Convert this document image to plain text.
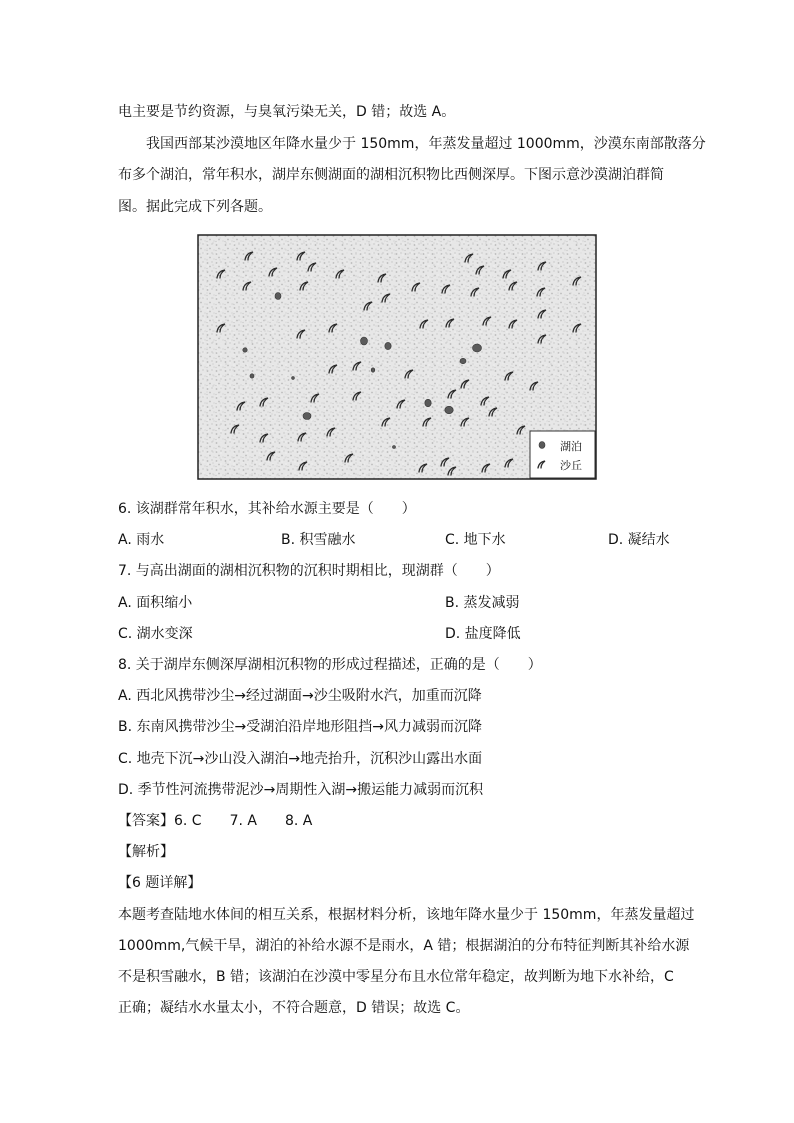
电主要是节约资源，与臭氧污染无关，D 错；故选 A。
我国西部某沙漠地区年降水量少于 150mm，年蒸发量超过 1000mm，沙漠东南部散落分
布多个湖泊，常年积水，湖岸东侧湖面的湖相沉积物比西侧深厚。下图示意沙漠湖泊群简
图。据此完成下列各题。
湖泊
沙丘
6. 该湖群常年积水，其补给水源主要是（　　）
A. 雨水	B. 积雪融水	C. 地下水	D. 凝结水
7. 与高出湖面的湖相沉积物的沉积时期相比，现湖群（　　）
A. 面积缩小	B. 蒸发减弱
C. 湖水变深	D. 盐度降低
8. 关于湖岸东侧深厚湖相沉积物的形成过程描述，正确的是（　　）
A. 西北风携带沙尘→经过湖面→沙尘吸附水汽，加重而沉降
B. 东南风携带沙尘→受湖泊沿岸地形阻挡→风力减弱而沉降
C. 地壳下沉→沙山没入湖泊→地壳抬升，沉积沙山露出水面
D. 季节性河流携带泥沙→周期性入湖→搬运能力减弱而沉积
【答案】6. C　　7. A　　8. A
【解析】
【6 题详解】
本题考查陆地水体间的相互关系，根据材料分析，该地年降水量少于 150mm，年蒸发量超过
1000mm,气候干旱，湖泊的补给水源不是雨水，A 错；根据湖泊的分布特征判断其补给水源
不是积雪融水，B 错；该湖泊在沙漠中零星分布且水位常年稳定，故判断为地下水补给，C
正确；凝结水水量太小，不符合题意，D 错误；故选 C。
